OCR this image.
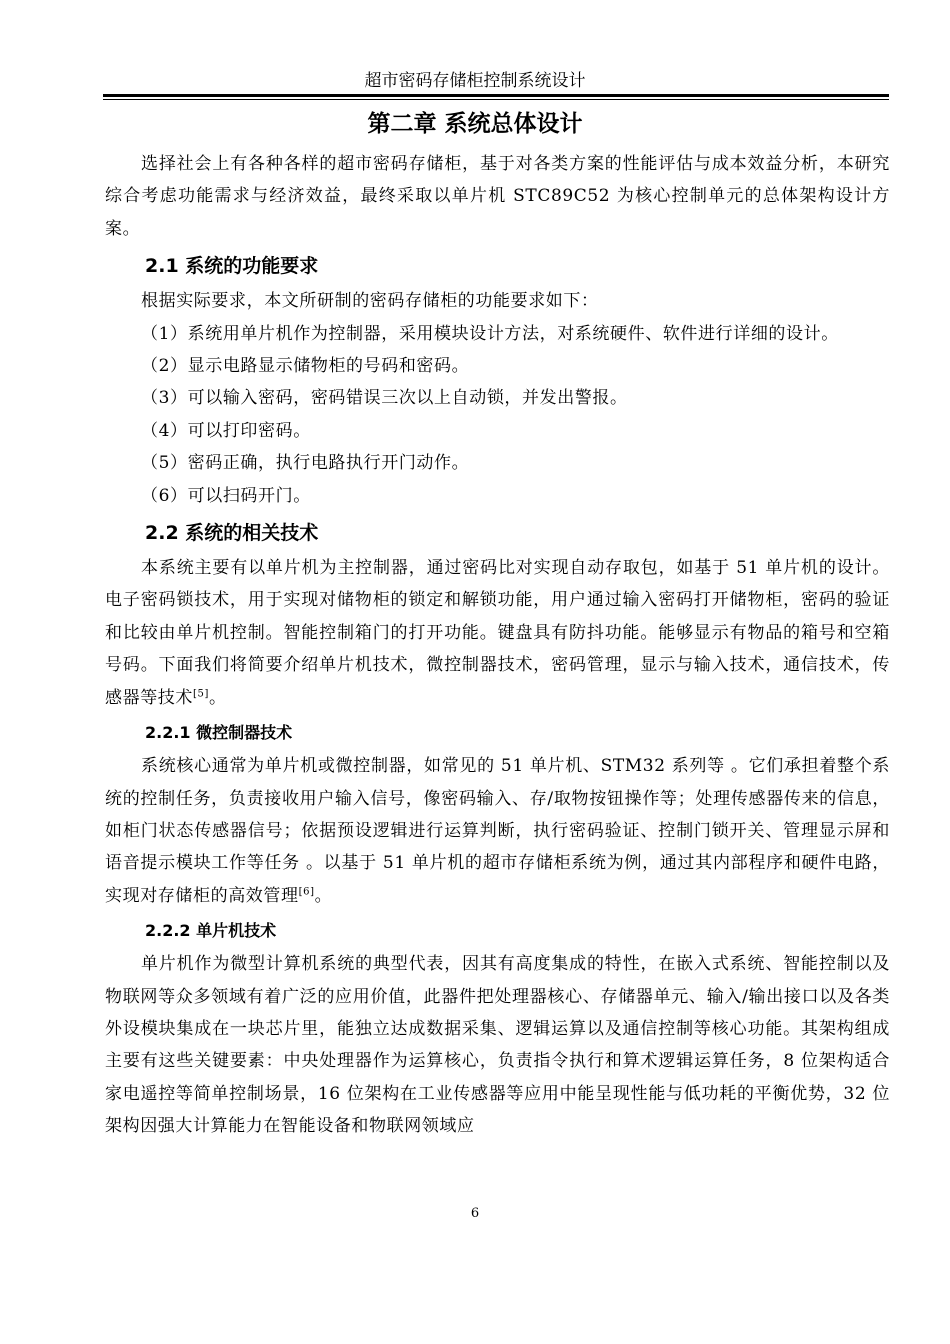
超市密码存储柜控制系统设计
第二章 系统总体设计

选择社会上有各种各样的超市密码存储柜，基于对各类方案的性能评估与成本效益分析，本研究综合考虑功能需求与经济效益，最终采取以单片机 STC89C52 为核心控制单元的总体架构设计方案。

2.1 系统的功能要求

根据实际要求，本文所研制的密码存储柜的功能要求如下：

（1）系统用单片机作为控制器，采用模块设计方法，对系统硬件、软件进行详细的设计。

（2）显示电路显示储物柜的号码和密码。

（3）可以输入密码，密码错误三次以上自动锁，并发出警报。

（4）可以打印密码。

（5）密码正确，执行电路执行开门动作。

（6）可以扫码开门。

2.2 系统的相关技术

本系统主要有以单片机为主控制器，通过密码比对实现自动存取包，如基于 51 单片机的设计。电子密码锁技术，用于实现对储物柜的锁定和解锁功能，用户通过输入密码打开储物柜，密码的验证和比较由单片机控制。智能控制箱门的打开功能。键盘具有防抖功能。能够显示有物品的箱号和空箱号码。下面我们将简要介绍单片机技术，微控制器技术，密码管理，显示与输入技术，通信技术，传感器等技术[5]。

2.2.1 微控制器技术

系统核心通常为单片机或微控制器，如常见的 51 单片机、STM32 系列等 。它们承担着整个系统的控制任务，负责接收用户输入信号，像密码输入、存/取物按钮操作等；处理传感器传来的信息，如柜门状态传感器信号；依据预设逻辑进行运算判断，执行密码验证、控制门锁开关、管理显示屏和语音提示模块工作等任务 。以基于 51 单片机的超市存储柜系统为例，通过其内部程序和硬件电路，实现对存储柜的高效管理[6]。

2.2.2 单片机技术

单片机作为微型计算机系统的典型代表，因其有高度集成的特性，在嵌入式系统、智能控制以及物联网等众多领域有着广泛的应用价值，此器件把处理器核心、存储器单元、输入/输出接口以及各类外设模块集成在一块芯片里，能独立达成数据采集、逻辑运算以及通信控制等核心功能。其架构组成主要有这些关键要素：中央处理器作为运算核心，负责指令执行和算术逻辑运算任务，8 位架构适合家电遥控等简单控制场景，16 位架构在工业传感器等应用中能呈现性能与低功耗的平衡优势，32 位架构因强大计算能力在智能设备和物联网领域应

6
